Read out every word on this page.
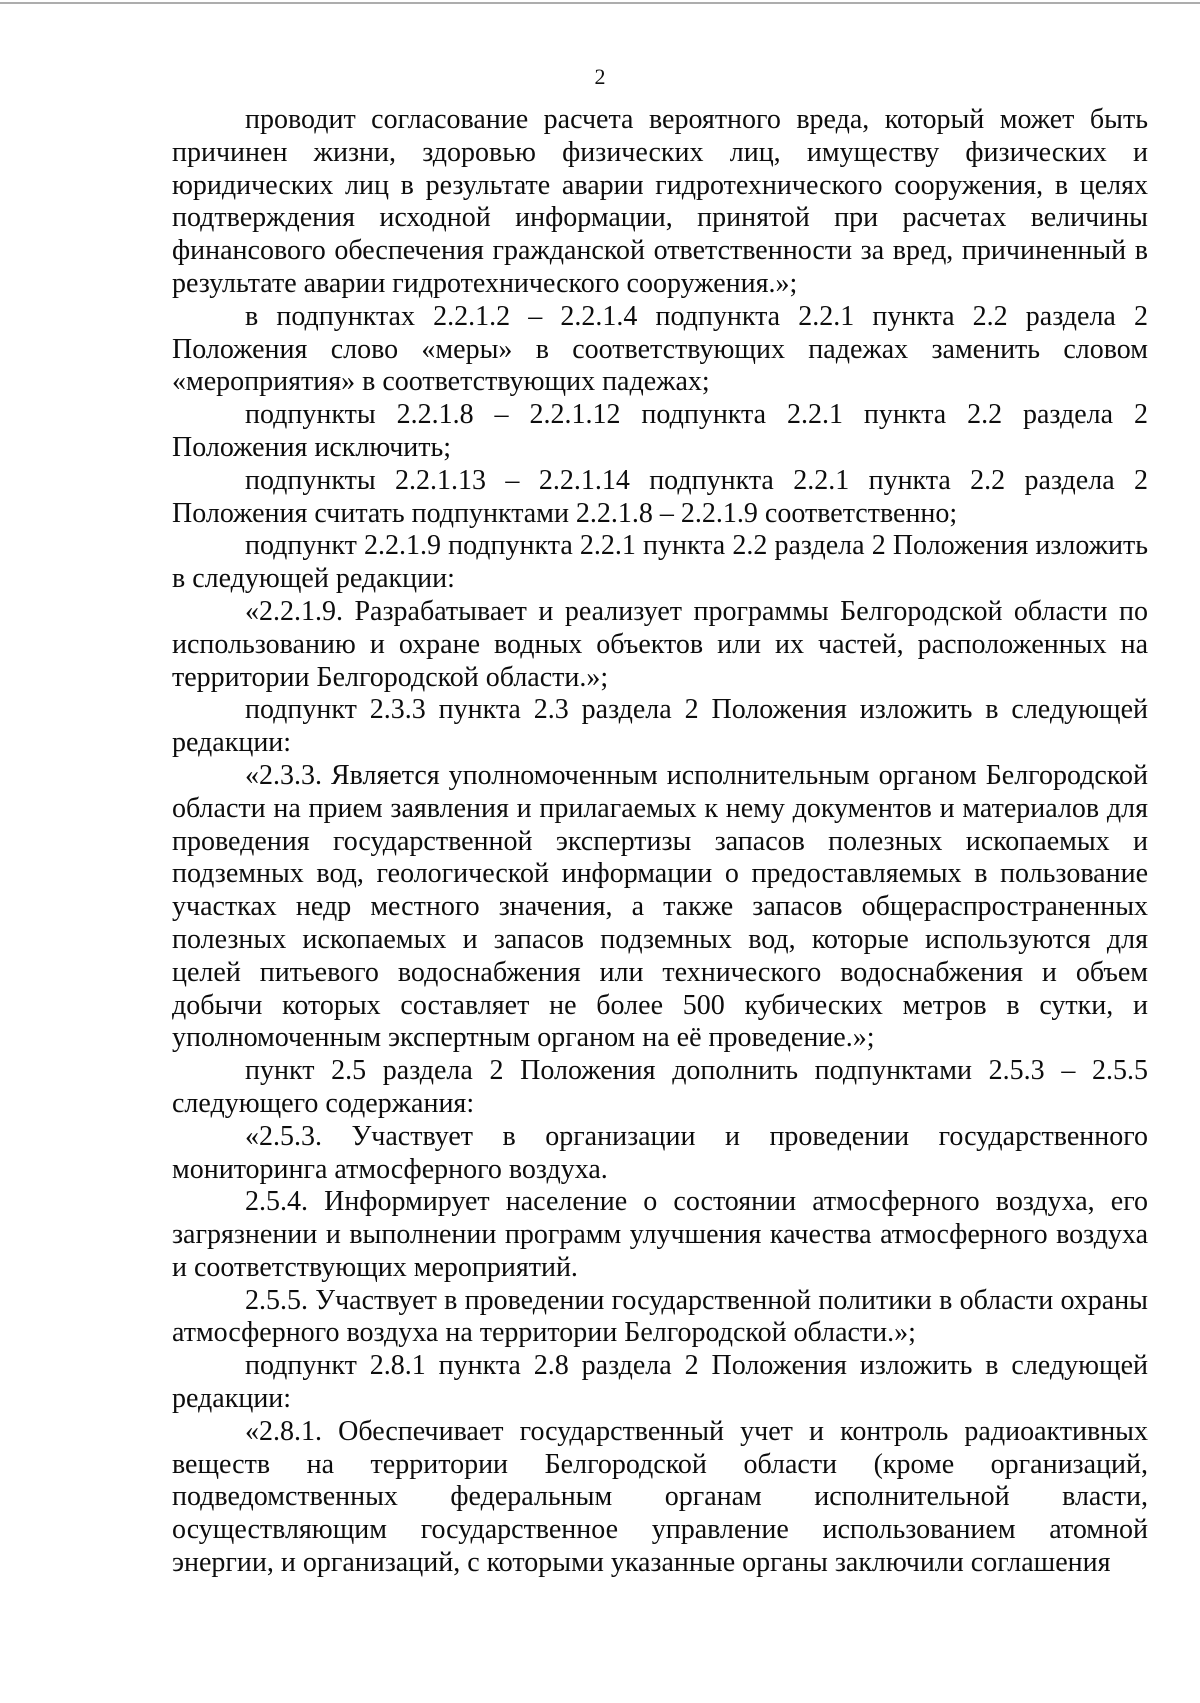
2

проводит согласование расчета вероятного вреда, который может быть причинен жизни, здоровью физических лиц, имуществу физических и юридических лиц в результате аварии гидротехнического сооружения, в целях подтверждения исходной информации, принятой при расчетах величины финансового обеспечения гражданской ответственности за вред, причиненный в результате аварии гидротехнического сооружения.»;

в подпунктах 2.2.1.2 – 2.2.1.4 подпункта 2.2.1 пункта 2.2 раздела 2 Положения слово «меры» в соответствующих падежах заменить словом «мероприятия» в соответствующих падежах;

подпункты 2.2.1.8 – 2.2.1.12 подпункта 2.2.1 пункта 2.2 раздела 2 Положения исключить;

подпункты 2.2.1.13 – 2.2.1.14 подпункта 2.2.1 пункта 2.2 раздела 2 Положения считать подпунктами 2.2.1.8 – 2.2.1.9 соответственно;

подпункт 2.2.1.9 подпункта 2.2.1 пункта 2.2 раздела 2 Положения изложить в следующей редакции:

«2.2.1.9. Разрабатывает и реализует программы Белгородской области по использованию и охране водных объектов или их частей, расположенных на территории Белгородской области.»;

подпункт 2.3.3 пункта 2.3 раздела 2 Положения изложить в следующей редакции:

«2.3.3. Является уполномоченным исполнительным органом Белгородской области на прием заявления и прилагаемых к нему документов и материалов для проведения государственной экспертизы запасов полезных ископаемых и подземных вод, геологической информации о предоставляемых в пользование участках недр местного значения, а также запасов общераспространенных полезных ископаемых и запасов подземных вод, которые используются для целей питьевого водоснабжения или технического водоснабжения и объем добычи которых составляет не более 500 кубических метров в сутки, и уполномоченным экспертным органом на её проведение.»;

пункт 2.5 раздела 2 Положения дополнить подпунктами 2.5.3 – 2.5.5 следующего содержания:

«2.5.3. Участвует в организации и проведении государственного мониторинга атмосферного воздуха.

2.5.4. Информирует население о состоянии атмосферного воздуха, его загрязнении и выполнении программ улучшения качества атмосферного воздуха и соответствующих мероприятий.

2.5.5. Участвует в проведении государственной политики в области охраны атмосферного воздуха на территории Белгородской области.»;

подпункт 2.8.1 пункта 2.8 раздела 2 Положения изложить в следующей редакции:

«2.8.1. Обеспечивает государственный учет и контроль радиоактивных веществ на территории Белгородской области (кроме организаций, подведомственных федеральным органам исполнительной власти, осуществляющим государственное управление использованием атомной энергии, и организаций, с которыми указанные органы заключили соглашения
